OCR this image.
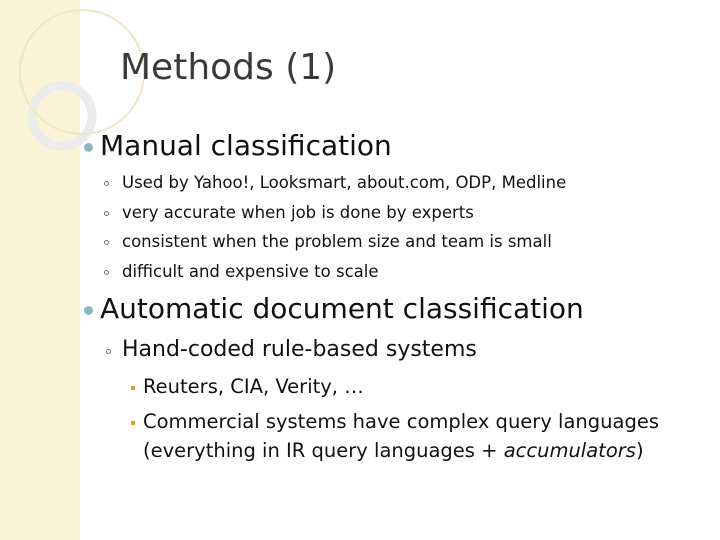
Methods (1)
Manual classification
Used by Yahoo!, Looksmart, about.com, ODP, Medline
very accurate when job is done by experts
consistent when the problem size and team is small
difficult and expensive to scale
Automatic document classification
Hand-coded rule-based systems
Reuters, CIA, Verity, …
Commercial systems have complex query languages
(everything in IR query languages + accumulators)
